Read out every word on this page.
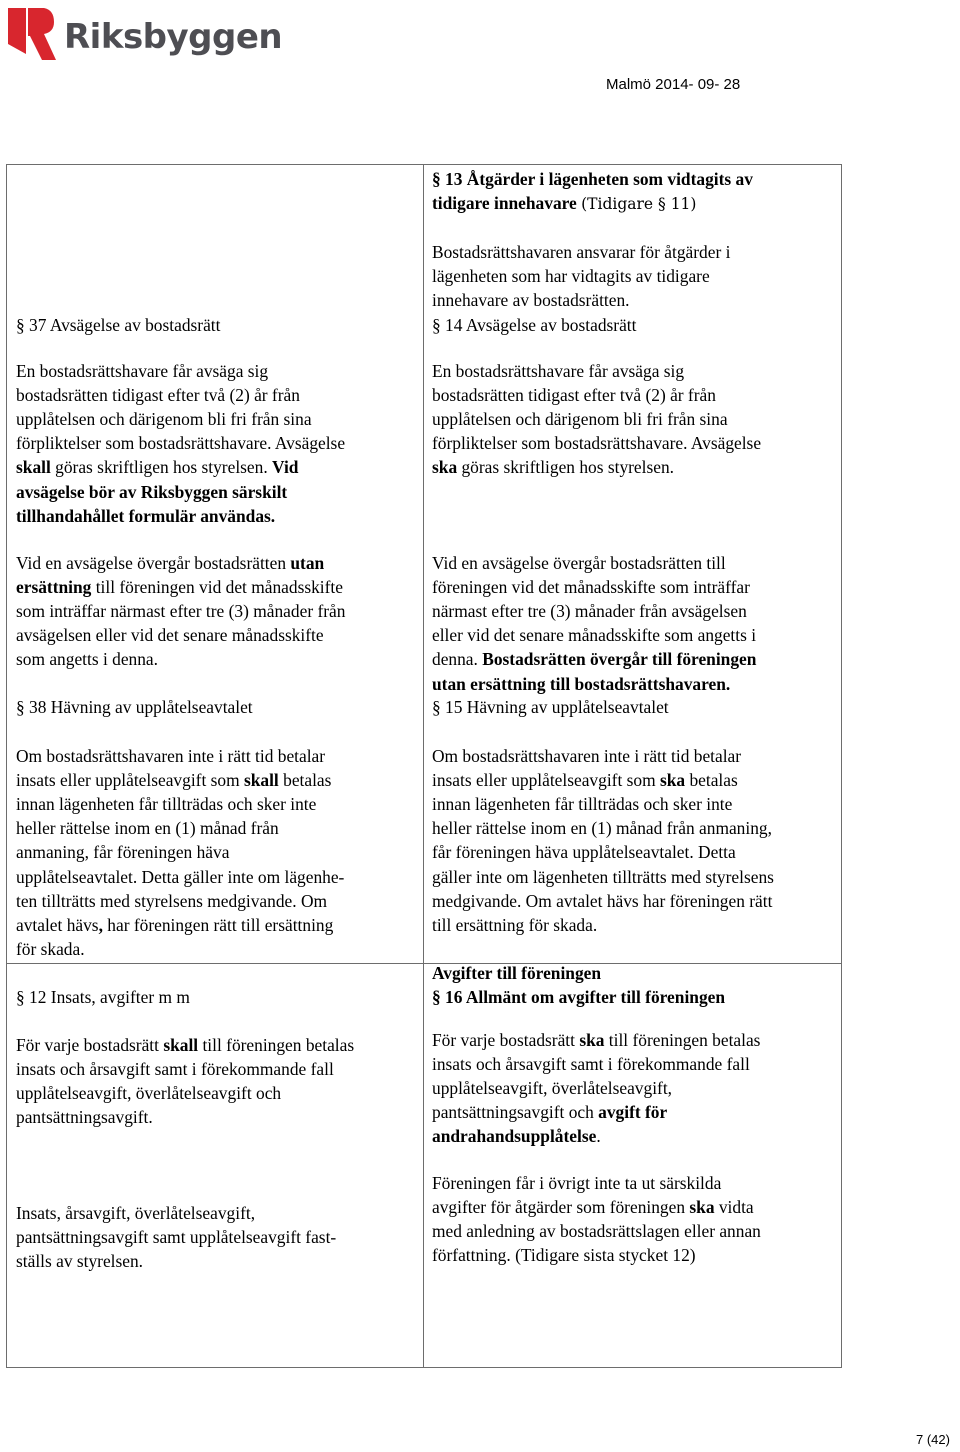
Riksbyggen
Malmö 2014- 09- 28
§ 37 Avsägelse av bostadsrätt
En bostadsrättshavare får avsäga sig
bostadsrätten tidigast efter två (2) år från
upplåtelsen och därigenom bli fri från sina
förpliktelser som bostadsrättshavare. Avsägelse
skall göras skriftligen hos styrelsen. Vid
avsägelse bör av Riksbyggen särskilt
tillhandahållet formulär användas.
Vid en avsägelse övergår bostadsrätten utan
ersättning till föreningen vid det månadsskifte
som inträffar närmast efter tre (3) månader från
avsägelsen eller vid det senare månadsskifte
som angetts i denna.
§ 38 Hävning av upplåtelseavtalet
Om bostadsrättshavaren inte i rätt tid betalar
insats eller upplåtelseavgift som skall betalas
innan lägenheten får tillträdas och sker inte
heller rättelse inom en (1) månad från
anmaning, får föreningen häva
upplåtelseavtalet. Detta gäller inte om lägenhe-
ten tillträtts med styrelsens medgivande. Om
avtalet hävs, har föreningen rätt till ersättning
för skada.
§ 12 Insats, avgifter m m
För varje bostadsrätt skall till föreningen betalas
insats och årsavgift samt i förekommande fall
upplåtelseavgift, överlåtelseavgift och
pantsättningsavgift.
Insats, årsavgift, överlåtelseavgift,
pantsättningsavgift samt upplåtelseavgift fast-
ställs av styrelsen.
§ 13 Åtgärder i lägenheten som vidtagits av
tidigare innehavare (Tidigare § 11)
Bostadsrättshavaren ansvarar för åtgärder i
lägenheten som har vidtagits av tidigare
innehavare av bostadsrätten.
§ 14 Avsägelse av bostadsrätt
En bostadsrättshavare får avsäga sig
bostadsrätten tidigast efter två (2) år från
upplåtelsen och därigenom bli fri från sina
förpliktelser som bostadsrättshavare. Avsägelse
ska göras skriftligen hos styrelsen.
Vid en avsägelse övergår bostadsrätten till
föreningen vid det månadsskifte som inträffar
närmast efter tre (3) månader från avsägelsen
eller vid det senare månadsskifte som angetts i
denna. Bostadsrätten övergår till föreningen
utan ersättning till bostadsrättshavaren.
§ 15 Hävning av upplåtelseavtalet
Om bostadsrättshavaren inte i rätt tid betalar
insats eller upplåtelseavgift som ska betalas
innan lägenheten får tillträdas och sker inte
heller rättelse inom en (1) månad från anmaning,
får föreningen häva upplåtelseavtalet. Detta
gäller inte om lägenheten tillträtts med styrelsens
medgivande. Om avtalet hävs har föreningen rätt
till ersättning för skada.
Avgifter till föreningen
§ 16 Allmänt om avgifter till föreningen
För varje bostadsrätt ska till föreningen betalas
insats och årsavgift samt i förekommande fall
upplåtelseavgift, överlåtelseavgift,
pantsättningsavgift och avgift för
andrahandsupplåtelse.
Föreningen får i övrigt inte ta ut särskilda
avgifter för åtgärder som föreningen ska vidta
med anledning av bostadsrättslagen eller annan
författning. (Tidigare sista stycket 12)
7 (42)
